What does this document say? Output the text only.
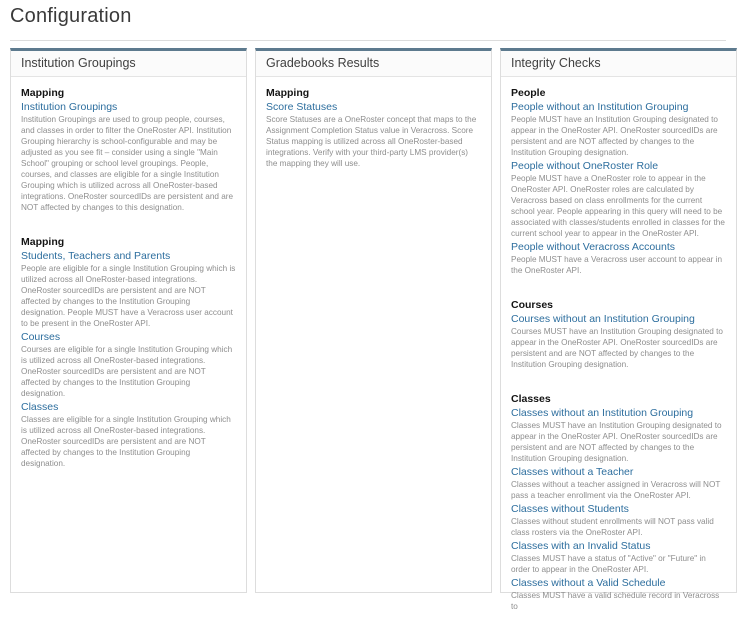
Configuration
Institution Groupings
Mapping
Institution Groupings

Institution Groupings are used to group people, courses, and classes in order to filter the OneRoster API. Institution Grouping hierarchy is school-configurable and may be adjusted as you see fit – consider using a single "Main School" grouping or school level groupings. People, courses, and classes are eligible for a single Institution Grouping which is utilized across all OneRoster-based integrations. OneRoster sourcedIDs are persistent and are NOT affected by changes to this designation.

Mapping
Students, Teachers and Parents

People are eligible for a single Institution Grouping which is utilized across all OneRoster-based integrations. OneRoster sourcedIDs are persistent and are NOT affected by changes to the Institution Grouping designation. People MUST have a Veracross user account to be present in the OneRoster API.

Courses

Courses are eligible for a single Institution Grouping which is utilized across all OneRoster-based integrations. OneRoster sourcedIDs are persistent and are NOT affected by changes to the Institution Grouping designation.

Classes

Classes are eligible for a single Institution Grouping which is utilized across all OneRoster-based integrations. OneRoster sourcedIDs are persistent and are NOT affected by changes to the Institution Grouping designation.

Gradebooks Results
Mapping
Score Statuses

Score Statuses are a OneRoster concept that maps to the Assignment Completion Status value in Veracross. Score Status mapping is utilized across all OneRoster-based integrations. Verify with your third-party LMS provider(s) the mapping they will use.

Integrity Checks
People
People without an Institution Grouping

People MUST have an Institution Grouping designated to appear in the OneRoster API. OneRoster sourcedIDs are persistent and are NOT affected by changes to the Institution Grouping designation.

People without OneRoster Role

People MUST have a OneRoster role to appear in the OneRoster API. OneRoster roles are calculated by Veracross based on class enrollments for the current school year. People appearing in this query will need to be associated with classes/students enrolled in classes for the current school year to appear in the OneRoster API.

People without Veracross Accounts

People MUST have a Veracross user account to appear in the OneRoster API.

Courses
Courses without an Institution Grouping

Courses MUST have an Institution Grouping designated to appear in the OneRoster API. OneRoster sourcedIDs are persistent and are NOT affected by changes to the Institution Grouping designation.

Classes
Classes without an Institution Grouping

Classes MUST have an Institution Grouping designated to appear in the OneRoster API. OneRoster sourcedIDs are persistent and are NOT affected by changes to the Institution Grouping designation.

Classes without a Teacher

Classes without a teacher assigned in Veracross will NOT pass a teacher enrollment via the OneRoster API.

Classes without Students

Classes without student enrollments will NOT pass valid class rosters via the OneRoster API.

Classes with an Invalid Status

Classes MUST have a status of "Active" or "Future" in order to appear in the OneRoster API.

Classes without a Valid Schedule

Classes MUST have a valid schedule record in Veracross to
